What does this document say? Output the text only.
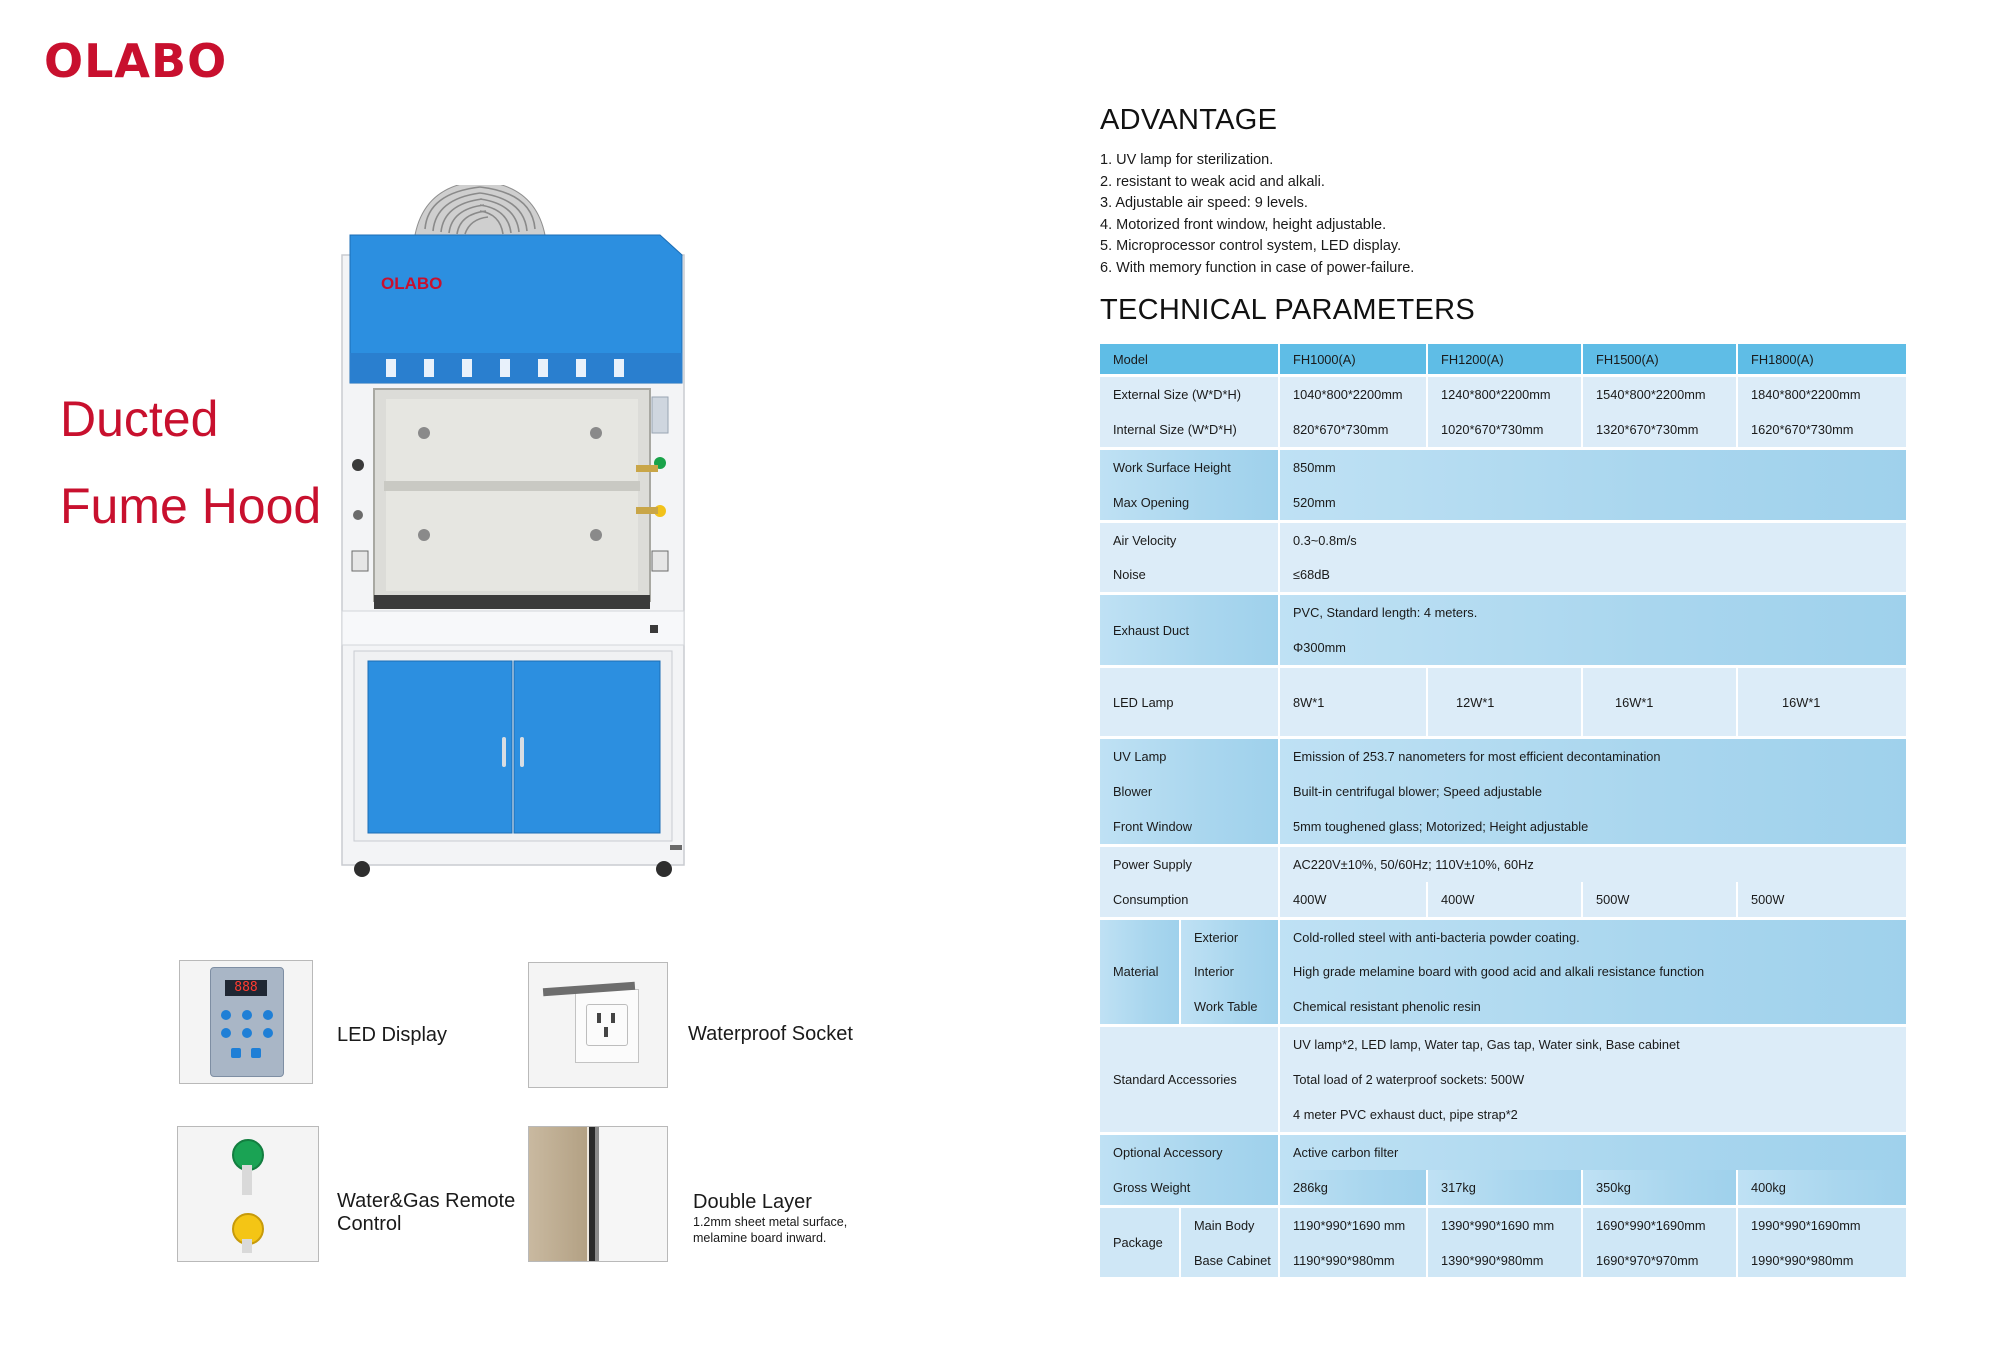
OLABO
Ducted
Fume Hood
OLABO
888
LED Display	Waterproof Socket
Water&Gas Remote
Control
Double Layer
1.2mm sheet metal surface,
melamine board inward.
ADVANTAGE
1. UV lamp for sterilization.
2. resistant to weak acid and alkali.
3. Adjustable air speed: 9 levels.
4. Motorized front window, height adjustable.
5. Microprocessor control system, LED display.
6. With memory function in case of power-failure.
TECHNICAL PARAMETERS
Model		FH1000(A)	FH1200(A)	FH1500(A)	FH1800(A)
External Size (W*D*H)		1040*800*2200mm	1240*800*2200mm	1540*800*2200mm	1840*800*2200mm
Internal Size (W*D*H)		820*670*730mm	1020*670*730mm	1320*670*730mm	1620*670*730mm
Work Surface Height		850mm			
Max Opening		520mm			
Air Velocity		0.3~0.8m/s			
Noise		≤68dB			
Exhaust Duct		PVC, Standard length: 4 meters.			
		Φ300mm			
LED Lamp		8W*1	12W*1	16W*1	16W*1
UV Lamp		Emission of 253.7 nanometers for most efficient decontamination			
Blower		Built-in centrifugal blower; Speed adjustable			
Front Window		5mm toughened glass; Motorized; Height adjustable			
Power Supply		AC220V±10%, 50/60Hz; 110V±10%, 60Hz			
Consumption		400W	400W	500W	500W
Material	Exterior	Cold-rolled steel with anti-bacteria powder coating.			
	Interior	High grade melamine board with good acid and alkali resistance function			
	Work Table	Chemical resistant phenolic resin			
Standard Accessories		UV lamp*2, LED lamp, Water tap, Gas tap, Water sink, Base cabinet			
		Total load of 2 waterproof sockets: 500W			
		4 meter PVC exhaust duct, pipe strap*2			
Optional Accessory		Active carbon filter			
Gross Weight		286kg	317kg	350kg	400kg
Package	Main Body	1190*990*1690 mm	1390*990*1690 mm	1690*990*1690mm	1990*990*1690mm
	Base Cabinet	1190*990*980mm	1390*990*980mm	1690*970*970mm	1990*990*980mm
